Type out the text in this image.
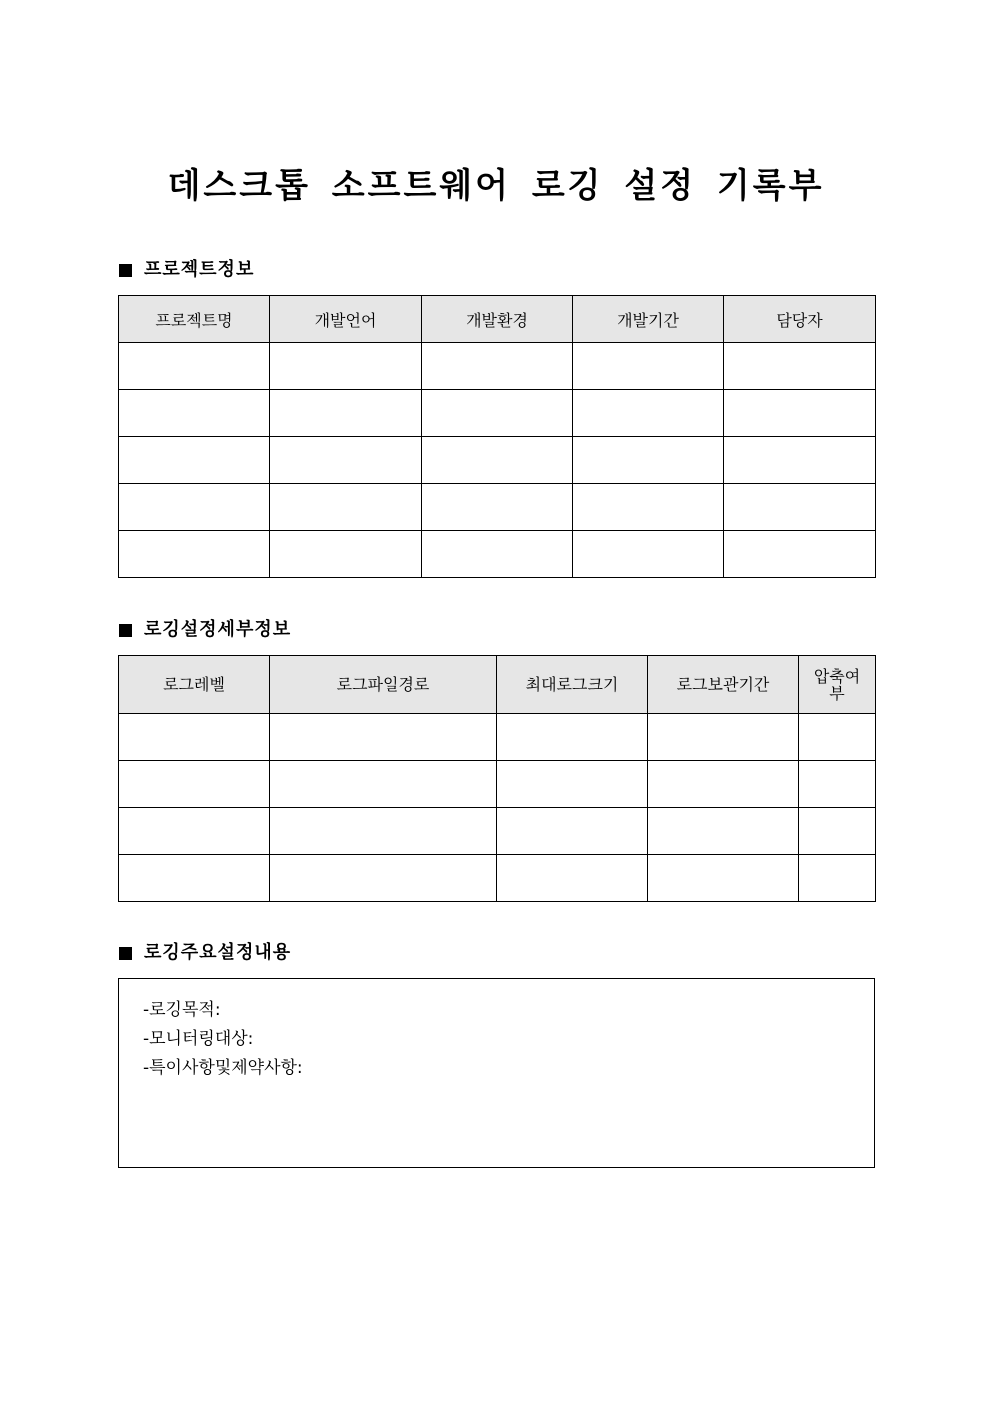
데스크톱 소프트웨어 로깅 설정 기록부
프로젝트정보
프로젝트명	개발언어	개발환경	개발기간	담당자

로깅설정세부정보
로그레벨	로그파일경로	최대로그크기	로그보관기간	압축여부

로깅주요설정내용
-로깅목적:
-모니터링대상:
-특이사항및제약사항:
